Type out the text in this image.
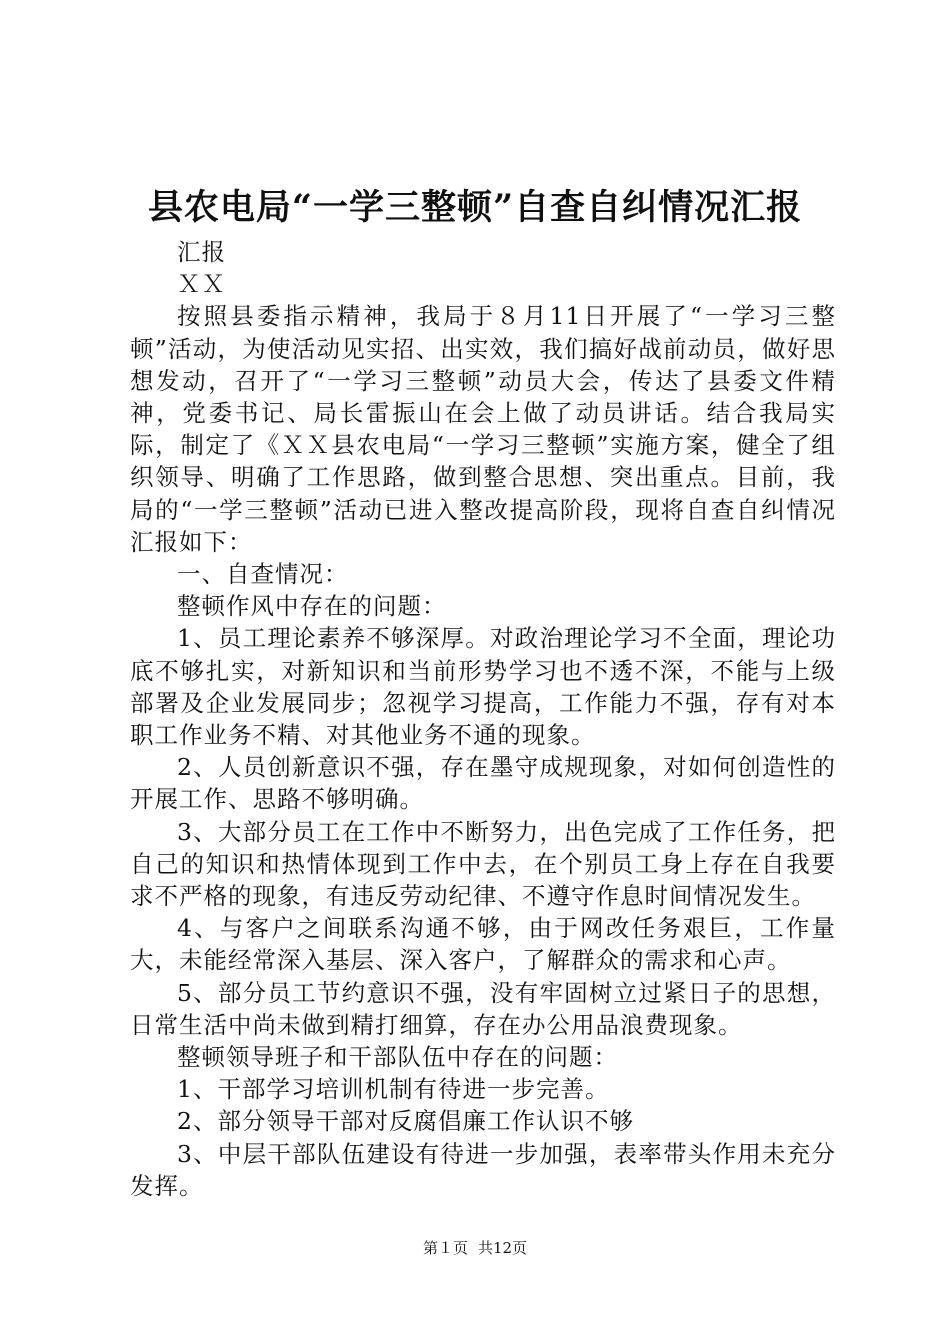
县农电局“一学三整顿”自查自纠情况汇报

汇报

ＸＸ

按照县委指示精神，我局于８月11日开展了“一学习三整顿”活动，为使活动见实招、出实效，我们搞好战前动员，做好思想发动，召开了“一学习三整顿”动员大会，传达了县委文件精神，党委书记、局长雷振山在会上做了动员讲话。结合我局实际，制定了《ＸＸ县农电局“一学习三整顿”实施方案，健全了组织领导、明确了工作思路，做到整合思想、突出重点。目前，我局的“一学三整顿”活动已进入整改提高阶段，现将自查自纠情况汇报如下：

一、自查情况：

整顿作风中存在的问题：

1、员工理论素养不够深厚。对政治理论学习不全面，理论功底不够扎实，对新知识和当前形势学习也不透不深，不能与上级部署及企业发展同步；忽视学习提高，工作能力不强，存有对本职工作业务不精、对其他业务不通的现象。

2、人员创新意识不强，存在墨守成规现象，对如何创造性的开展工作、思路不够明确。

3、大部分员工在工作中不断努力，出色完成了工作任务，把自己的知识和热情体现到工作中去，在个别员工身上存在自我要求不严格的现象，有违反劳动纪律、不遵守作息时间情况发生。

4、与客户之间联系沟通不够，由于网改任务艰巨，工作量大，未能经常深入基层、深入客户，了解群众的需求和心声。

5、部分员工节约意识不强，没有牢固树立过紧日子的思想，日常生活中尚未做到精打细算，存在办公用品浪费现象。

整顿领导班子和干部队伍中存在的问题：

1、干部学习培训机制有待进一步完善。

2、部分领导干部对反腐倡廉工作认识不够

3、中层干部队伍建设有待进一步加强，表率带头作用未充分发挥。

第１页 共12页
